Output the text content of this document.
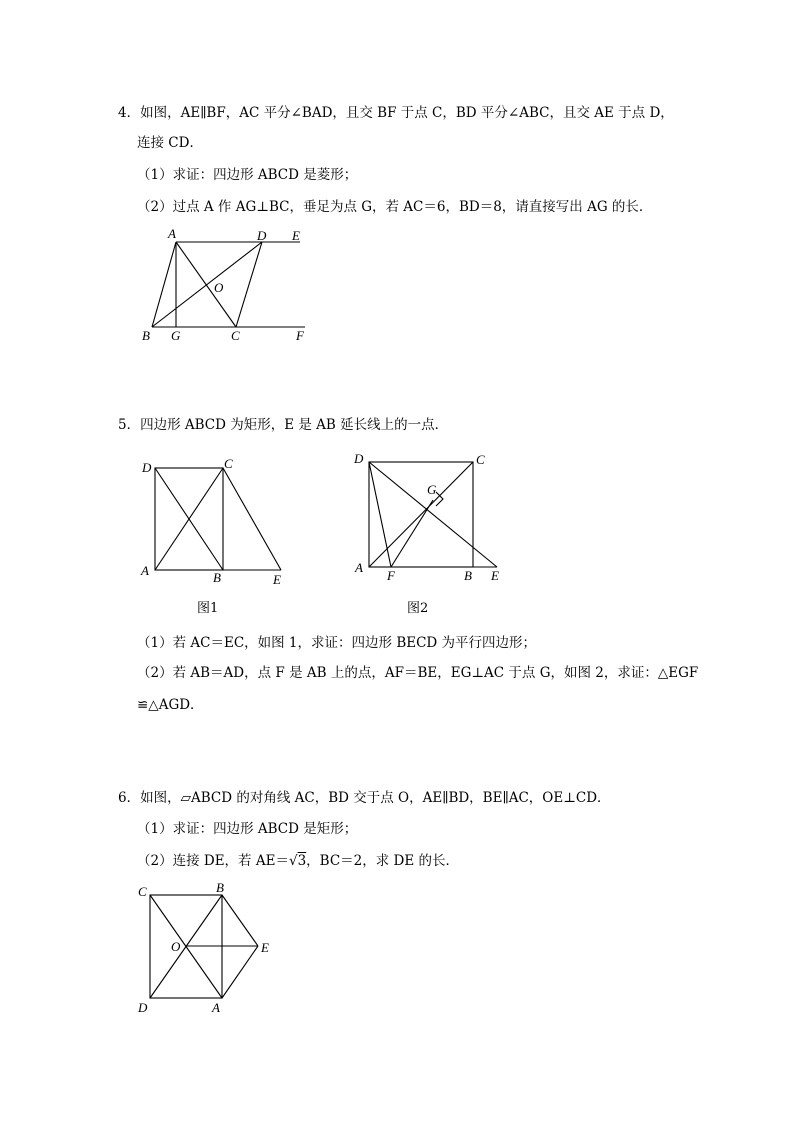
4．如图，AE∥BF，AC 平分∠BAD，且交 BF 于点 C，BD 平分∠ABC，且交 AE 于点 D，
连接 CD．
（1）求证：四边形 ABCD 是菱形；
（2）过点 A 作 AG⊥BC，垂足为点 G，若 AC＝6，BD＝8，请直接写出 AG 的长．
A	D E
O
B G	C	F
5．四边形 ABCD 为矩形，E 是 AB 延长线上的一点．
D	C
A	B	E
图1
D	C
G
A
F	B E
图2
（1）若 AC＝EC，如图 1，求证：四边形 BECD 为平行四边形；
（2）若 AB＝AD，点 F 是 AB 上的点，AF＝BE，EG⊥AC 于点 G，如图 2，求证：△EGF
≌△AGD．
6．如图，▱ABCD 的对角线 AC，BD 交于点 O，AE∥BD，BE∥AC，OE⊥CD．
（1）求证：四边形 ABCD 是矩形；
（2）连接 DE，若 AE＝√3，BC＝2，求 DE 的长．
C	B
O	E
D	A
